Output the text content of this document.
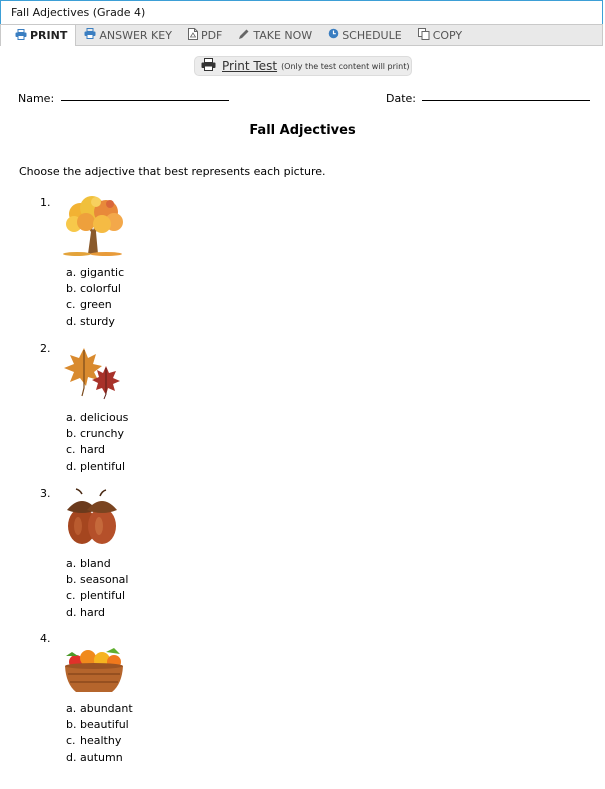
Fall Adjectives (Grade 4)
PRINT	ANSWER KEY	PDF	TAKE NOW	SCHEDULE	COPY
Print Test (Only the test content will print)
Name:	Date:
Fall Adjectives
Choose the adjective that best represents each picture.
1.
a. gigantic
b. colorful
c. green
d. sturdy
2.
a. delicious
b. crunchy
c. hard
d. plentiful
3.
a. bland
b. seasonal
c. plentiful
d. hard
4.
a. abundant
b. beautiful
c. healthy
d. autumn
